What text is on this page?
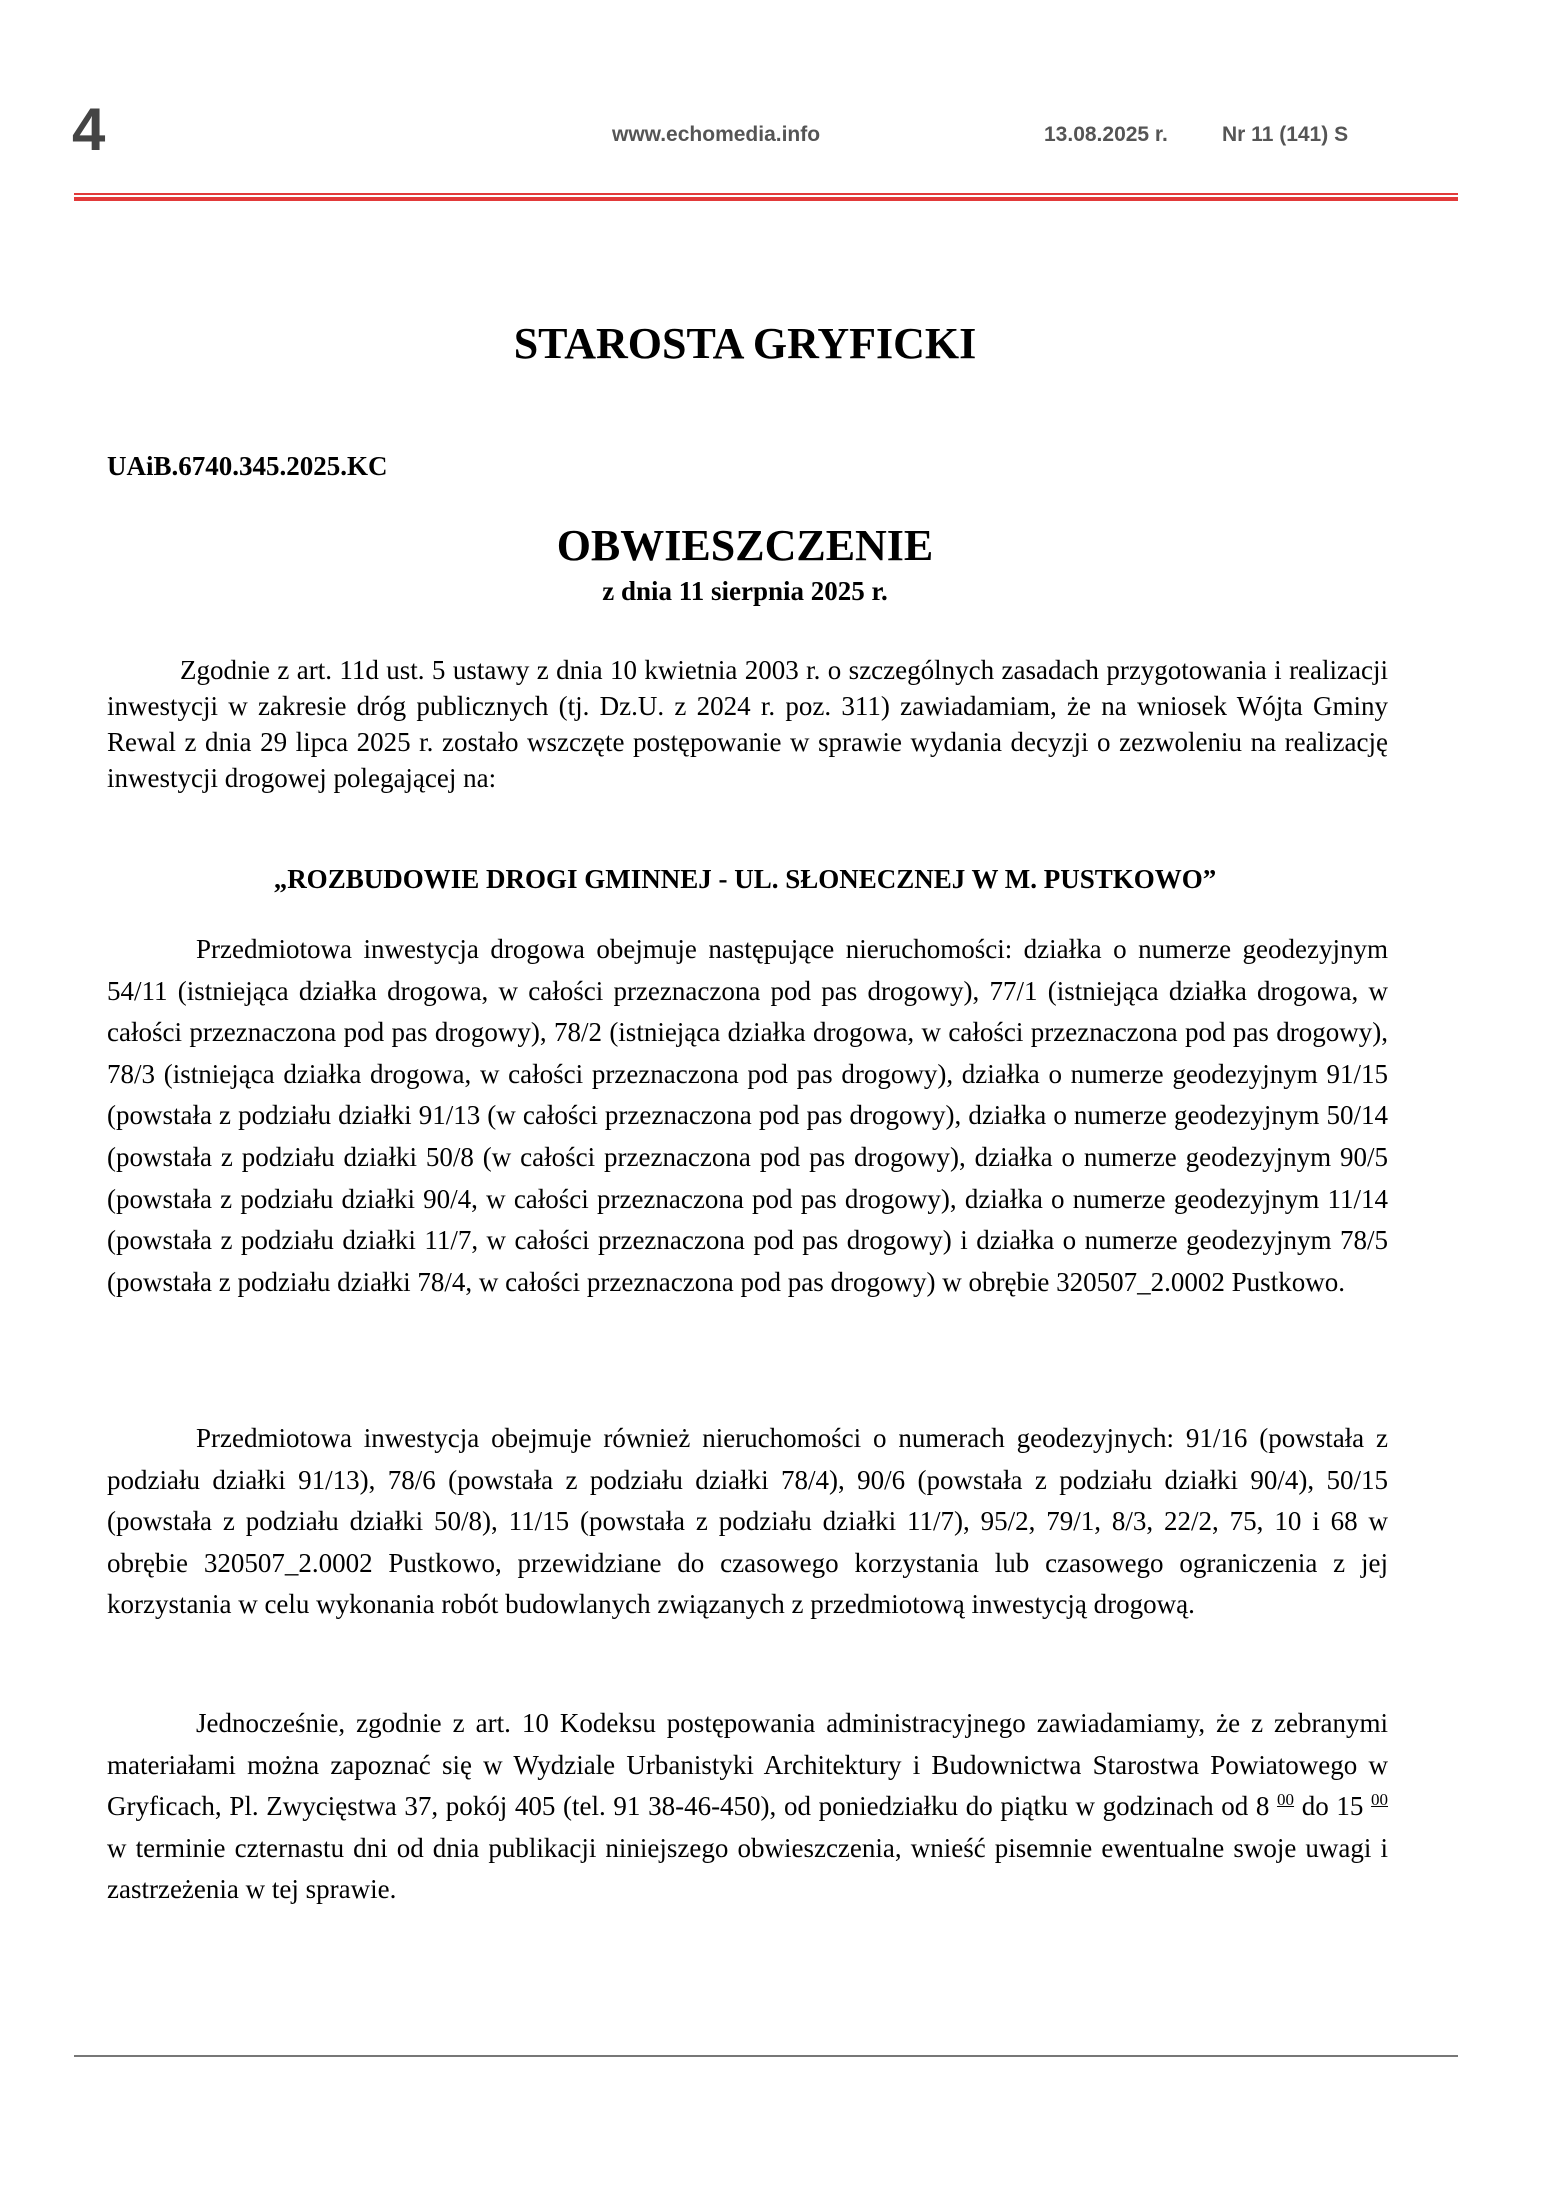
4	www.echomedia.info	13.08.2025 r.	Nr 11 (141) S
STAROSTA GRYFICKI
UAiB.6740.345.2025.KC
OBWIESZCZENIE
z dnia 11 sierpnia 2025 r.

Zgodnie z art. 11d ust. 5 ustawy z dnia 10 kwietnia 2003 r. o szczególnych zasadach przygotowania i realizacji inwestycji w zakresie dróg publicznych (tj. Dz.U. z 2024 r. poz. 311) zawiadamiam, że na wniosek Wójta Gminy Rewal z dnia 29 lipca 2025 r. zostało wszczęte postępowanie w sprawie wydania decyzji o zezwoleniu na realizację inwestycji drogowej polegającej na:

„ROZBUDOWIE DROGI GMINNEJ - UL. SŁONECZNEJ W M. PUSTKOWO”

Przedmiotowa inwestycja drogowa obejmuje następujące nieruchomości: działka o numerze geodezyjnym 54/11 (istniejąca działka drogowa, w całości przeznaczona pod pas drogowy), 77/1 (istniejąca działka drogowa, w całości przeznaczona pod pas drogowy), 78/2 (istniejąca działka drogowa, w całości przeznaczona pod pas drogowy), 78/3 (istniejąca działka drogowa, w całości przeznaczona pod pas drogowy), działka o numerze geodezyjnym 91/15 (powstała z podziału działki 91/13 (w całości przeznaczona pod pas drogowy), działka o numerze geodezyjnym 50/14 (powstała z podziału działki 50/8 (w całości przeznaczona pod pas drogowy), działka o numerze geodezyjnym 90/5 (powstała z podziału działki 90/4, w całości przeznaczona pod pas drogowy), działka o numerze geodezyjnym 11/14 (powstała z podziału działki 11/7, w całości przeznaczona pod pas drogowy) i działka o numerze geodezyjnym 78/5 (powstała z podziału działki 78/4, w całości przeznaczona pod pas drogowy) w obrębie 320507_2.0002 Pustkowo.

Przedmiotowa inwestycja obejmuje również nieruchomości o numerach geodezyjnych: 91/16 (powstała z podziału działki 91/13), 78/6 (powstała z podziału działki 78/4), 90/6 (powstała z podziału działki 90/4), 50/15 (powstała z podziału działki 50/8), 11/15 (powstała z podziału działki 11/7), 95/2, 79/1, 8/3, 22/2, 75, 10 i 68 w obrębie 320507_2.0002 Pustkowo, przewidziane do czasowego korzystania lub czasowego ograniczenia z jej korzystania w celu wykonania robót budowlanych związanych z przedmiotową inwestycją drogową.

Jednocześnie, zgodnie z art. 10 Kodeksu postępowania administracyjnego zawiadamiamy, że z zebranymi materiałami można zapoznać się w Wydziale Urbanistyki Architektury i Budownictwa Starostwa Powiatowego w Gryficach, Pl. Zwycięstwa 37, pokój 405 (tel. 91 38-46-450), od poniedziałku do piątku w godzinach od 8 $^{00}$ do 15 $^{00}$ w terminie czternastu dni od dnia publikacji niniejszego obwieszczenia, wnieść pisemnie ewentualne swoje uwagi i zastrzeżenia w tej sprawie.
